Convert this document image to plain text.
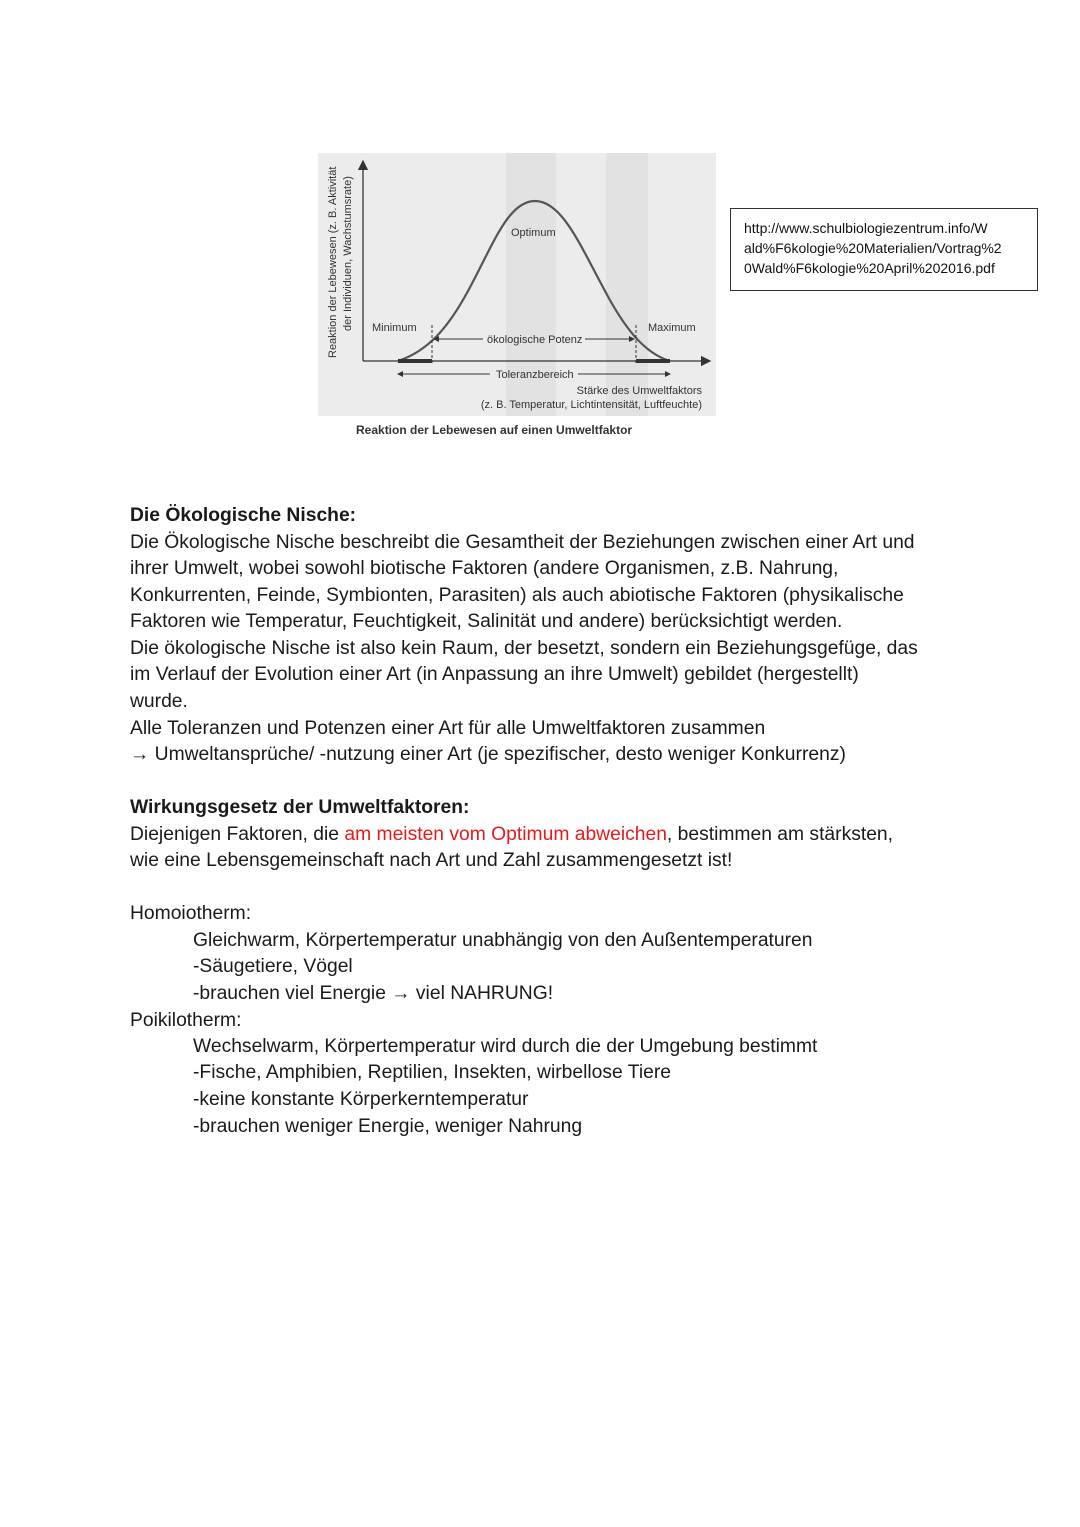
Reaktion der Lebewesen (z. B. Aktivität der Individuen, Wachstumsrate)	Optimum
Minimum	Maximum
ökologische Potenz
Toleranzbereich
Stärke des Umweltfaktors
(z. B. Temperatur, Lichtintensität, Luftfeuchte)
Reaktion der Lebewesen auf einen Umweltfaktor
http://www.schulbiologiezentrum.info/W
ald%F6kologie%20Materialien/Vortrag%2
0Wald%F6kologie%20April%202016.pdf
Die Ökologische Nische:
Die Ökologische Nische beschreibt die Gesamtheit der Beziehungen zwischen einer Art und
ihrer Umwelt, wobei sowohl biotische Faktoren (andere Organismen, z.B. Nahrung,
Konkurrenten, Feinde, Symbionten, Parasiten) als auch abiotische Faktoren (physikalische
Faktoren wie Temperatur, Feuchtigkeit, Salinität und andere) berücksichtigt werden.
Die ökologische Nische ist also kein Raum, der besetzt, sondern ein Beziehungsgefüge, das
im Verlauf der Evolution einer Art (in Anpassung an ihre Umwelt) gebildet (hergestellt)
wurde.
Alle Toleranzen und Potenzen einer Art für alle Umweltfaktoren zusammen
→ Umweltansprüche/ -nutzung einer Art (je spezifischer, desto weniger Konkurrenz)
Wirkungsgesetz der Umweltfaktoren:
Diejenigen Faktoren, die am meisten vom Optimum abweichen, bestimmen am stärksten,
wie eine Lebensgemeinschaft nach Art und Zahl zusammengesetzt ist!
Homoiotherm:
Gleichwarm, Körpertemperatur unabhängig von den Außentemperaturen
-Säugetiere, Vögel
-brauchen viel Energie → viel NAHRUNG!
Poikilotherm:
Wechselwarm, Körpertemperatur wird durch die der Umgebung bestimmt
-Fische, Amphibien, Reptilien, Insekten, wirbellose Tiere
-keine konstante Körperkerntemperatur
-brauchen weniger Energie, weniger Nahrung
